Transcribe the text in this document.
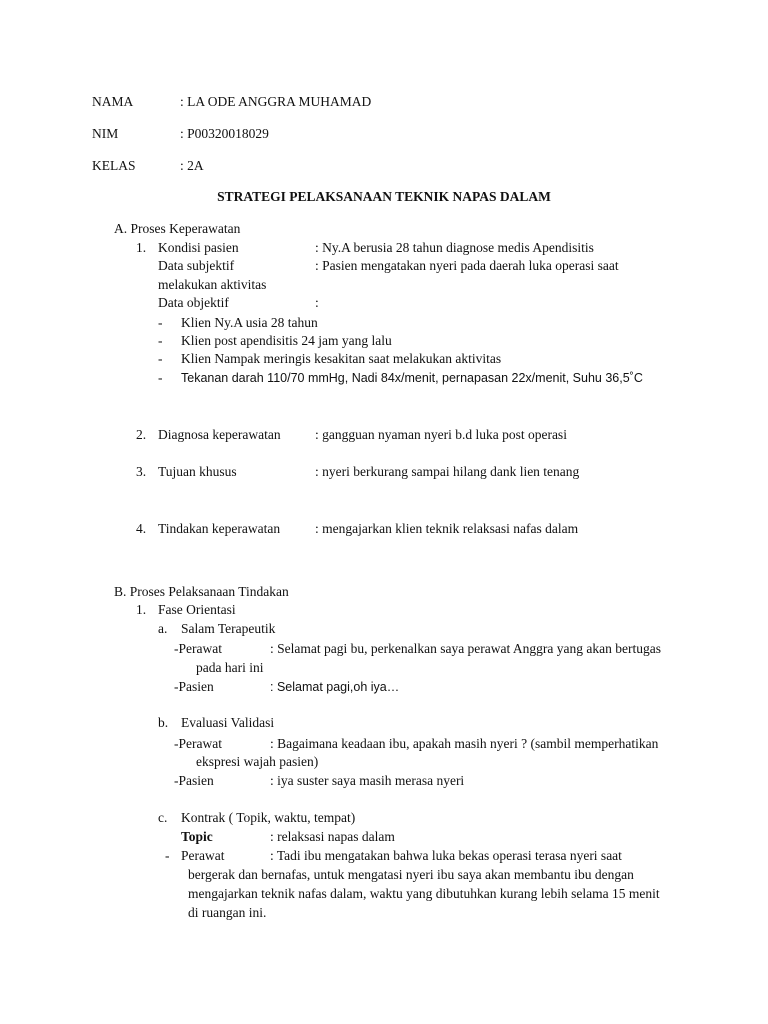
NAMA	: LA ODE ANGGRA MUHAMAD
NIM	: P00320018029
KELAS	: 2A
STRATEGI PELAKSANAAN TEKNIK NAPAS DALAM
A. Proses Keperawatan
1. Kondisi pasien	: Ny.A berusia 28 tahun diagnose medis Apendisitis
Data subjektif	: Pasien mengatakan nyeri pada daerah luka operasi saat
melakukan aktivitas
Data objektif	:
- Klien Ny.A usia 28 tahun
- Klien post apendisitis 24 jam yang lalu
- Klien Nampak meringis kesakitan saat melakukan aktivitas
- Tekanan darah 110/70 mmHg, Nadi 84x/menit, pernapasan 22x/menit, Suhu 36,5˚C
2. Diagnosa keperawatan	: gangguan nyaman nyeri b.d luka post operasi
3. Tujuan khusus	: nyeri berkurang sampai hilang dank lien tenang
4. Tindakan keperawatan	: mengajarkan klien teknik relaksasi nafas dalam
B. Proses Pelaksanaan Tindakan
1. Fase Orientasi
a. Salam Terapeutik
-Perawat	: Selamat pagi bu, perkenalkan saya perawat Anggra yang akan bertugas
pada hari ini
-Pasien	: Selamat pagi,oh iya…
b. Evaluasi Validasi
-Perawat	: Bagaimana keadaan ibu, apakah masih nyeri ? (sambil memperhatikan
ekspresi wajah pasien)
-Pasien	: iya suster saya masih merasa nyeri
c. Kontrak ( Topik, waktu, tempat)
Topic	: relaksasi napas dalam
- Perawat	: Tadi ibu mengatakan bahwa luka bekas operasi terasa nyeri saat
bergerak dan bernafas, untuk mengatasi nyeri ibu saya akan membantu ibu dengan
mengajarkan teknik nafas dalam, waktu yang dibutuhkan kurang lebih selama 15 menit
di ruangan ini.
